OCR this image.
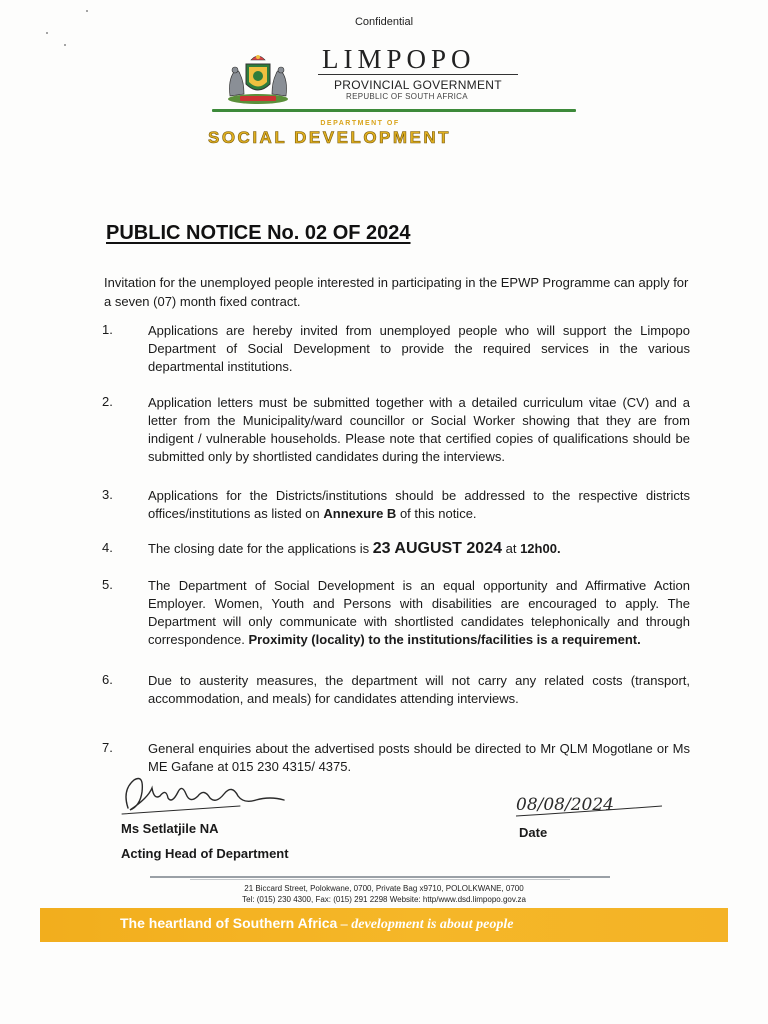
Confidential
LIMPOPO
PROVINCIAL GOVERNMENT
REPUBLIC OF SOUTH AFRICA
DEPARTMENT OF
SOCIAL DEVELOPMENT
PUBLIC NOTICE No. 02 OF 2024
Invitation for the unemployed people interested in participating in the EPWP Programme can apply for a seven (07) month fixed contract.
1.	Applications are hereby invited from unemployed people who will support the Limpopo Department of Social Development to provide the required services in the various departmental institutions.
2.	Application letters must be submitted together with a detailed curriculum vitae (CV) and a letter from the Municipality/ward councillor or Social Worker showing that they are from indigent / vulnerable households. Please note that certified copies of qualifications should be submitted only by shortlisted candidates during the interviews.
3.	Applications for the Districts/institutions should be addressed to the respective districts offices/institutions as listed on Annexure B of this notice.
4.	The closing date for the applications is 23 AUGUST 2024 at 12h00.
5.	The Department of Social Development is an equal opportunity and Affirmative Action Employer. Women, Youth and Persons with disabilities are encouraged to apply. The Department will only communicate with shortlisted candidates telephonically and through correspondence. Proximity (locality) to the institutions/facilities is a requirement.
6.	Due to austerity measures, the department will not carry any related costs (transport, accommodation, and meals) for candidates attending interviews.
7.	General enquiries about the advertised posts should be directed to Mr QLM Mogotlane or Ms ME Gafane at 015 230 4315/ 4375.
08/08/2024
Ms Setlatjile NA
Acting Head of Department
Date
21 Biccard Street, Polokwane, 0700, Private Bag x9710, POLOLKWANE, 0700
Tel: (015) 230 4300, Fax: (015) 291 2298 Website: http/www.dsd.limpopo.gov.za
The heartland of Southern Africa – development is about people
